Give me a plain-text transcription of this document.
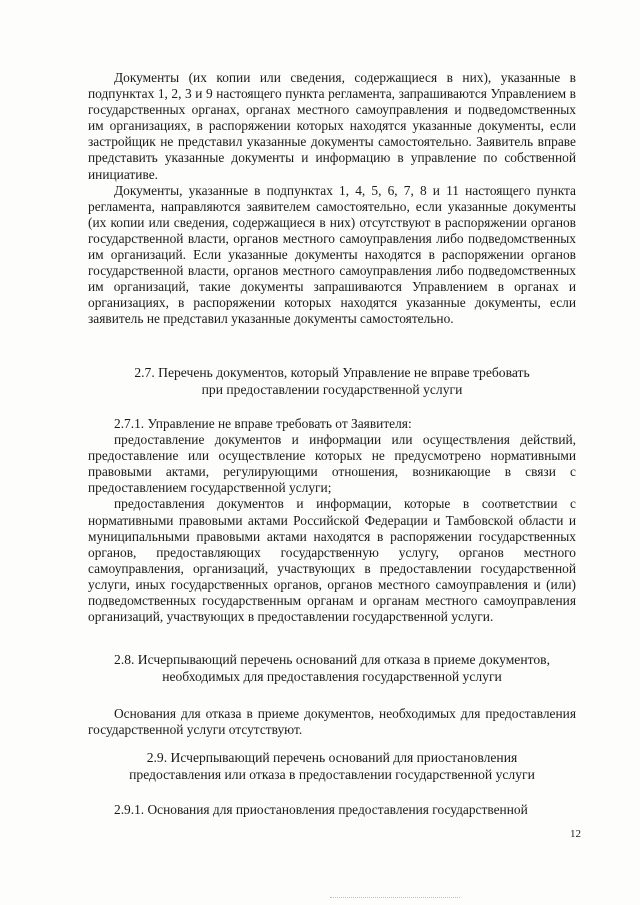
Документы (их копии или сведения, содержащиеся в них), указанные в подпунктах 1, 2, 3 и 9 настоящего пункта регламента, запрашиваются Управлением в государственных органах, органах местного самоуправления и подведомственных им организациях, в распоряжении которых находятся указанные документы, если застройщик не представил указанные документы самостоятельно. Заявитель вправе представить указанные документы и информацию в управление по собственной инициативе.

Документы, указанные в подпунктах 1, 4, 5, 6, 7, 8 и 11 настоящего пункта регламента, направляются заявителем самостоятельно, если указанные документы (их копии или сведения, содержащиеся в них) отсутствуют в распоряжении органов государственной власти, органов местного самоуправления либо подведомственных им организаций. Если указанные документы находятся в распоряжении органов государственной власти, органов местного самоуправления либо подведомственных им организаций, такие документы запрашиваются Управлением в органах и организациях, в распоряжении которых находятся указанные документы, если заявитель не представил указанные документы самостоятельно.

2.7. Перечень документов, который Управление не вправе требовать
при предоставлении государственной услуги

2.7.1. Управление не вправе требовать от Заявителя:

предоставление документов и информации или осуществления действий, предоставление или осуществление которых не предусмотрено нормативными правовыми актами, регулирующими отношения, возникающие в связи с предоставлением государственной услуги;

предоставления документов и информации, которые в соответствии с нормативными правовыми актами Российской Федерации и Тамбовской области и муниципальными правовыми актами находятся в распоряжении государственных органов, предоставляющих государственную услугу, органов местного самоуправления, организаций, участвующих в предоставлении государственной услуги, иных государственных органов, органов местного самоуправления и (или) подведомственных государственным органам и органам местного самоуправления организаций, участвующих в предоставлении государственной услуги.

2.8. Исчерпывающий перечень оснований для отказа в приеме документов,
необходимых для предоставления государственной услуги

Основания для отказа в приеме документов, необходимых для предоставления государственной услуги отсутствуют.

2.9. Исчерпывающий перечень оснований для приостановления
предоставления или отказа в предоставлении государственной услуги

2.9.1. Основания для приостановления предоставления государственной

12
